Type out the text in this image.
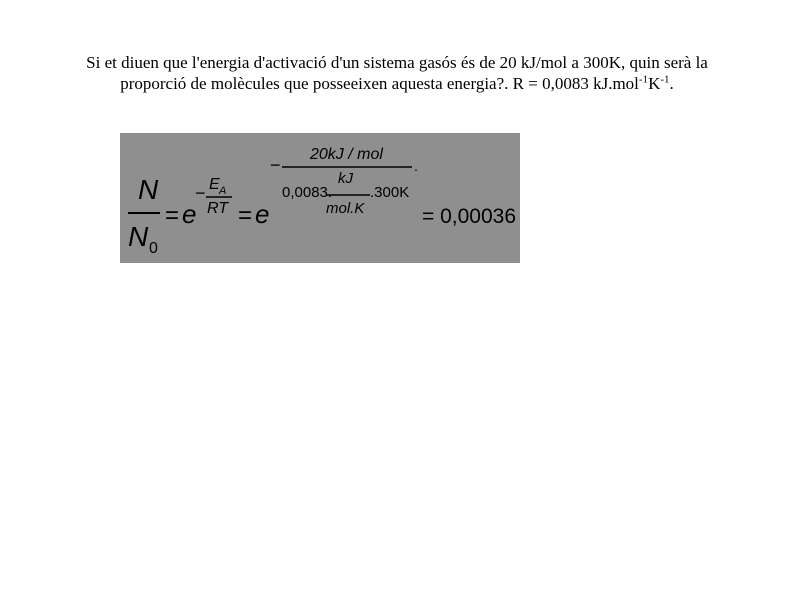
Si et diuen que l'energia d'activació d'un sistema gasós és de 20 kJ/mol a 300K, quin serà la
proporció de molècules que posseeixen aquesta energia?. R = 0,0083 $kJ.mol^{-1}K^{-1}$.
N
N 0
= e
− E A
RT = e
−
20kJ / mol
.
0,0083.
kJ
mol.K
.300K
= 0,00036
